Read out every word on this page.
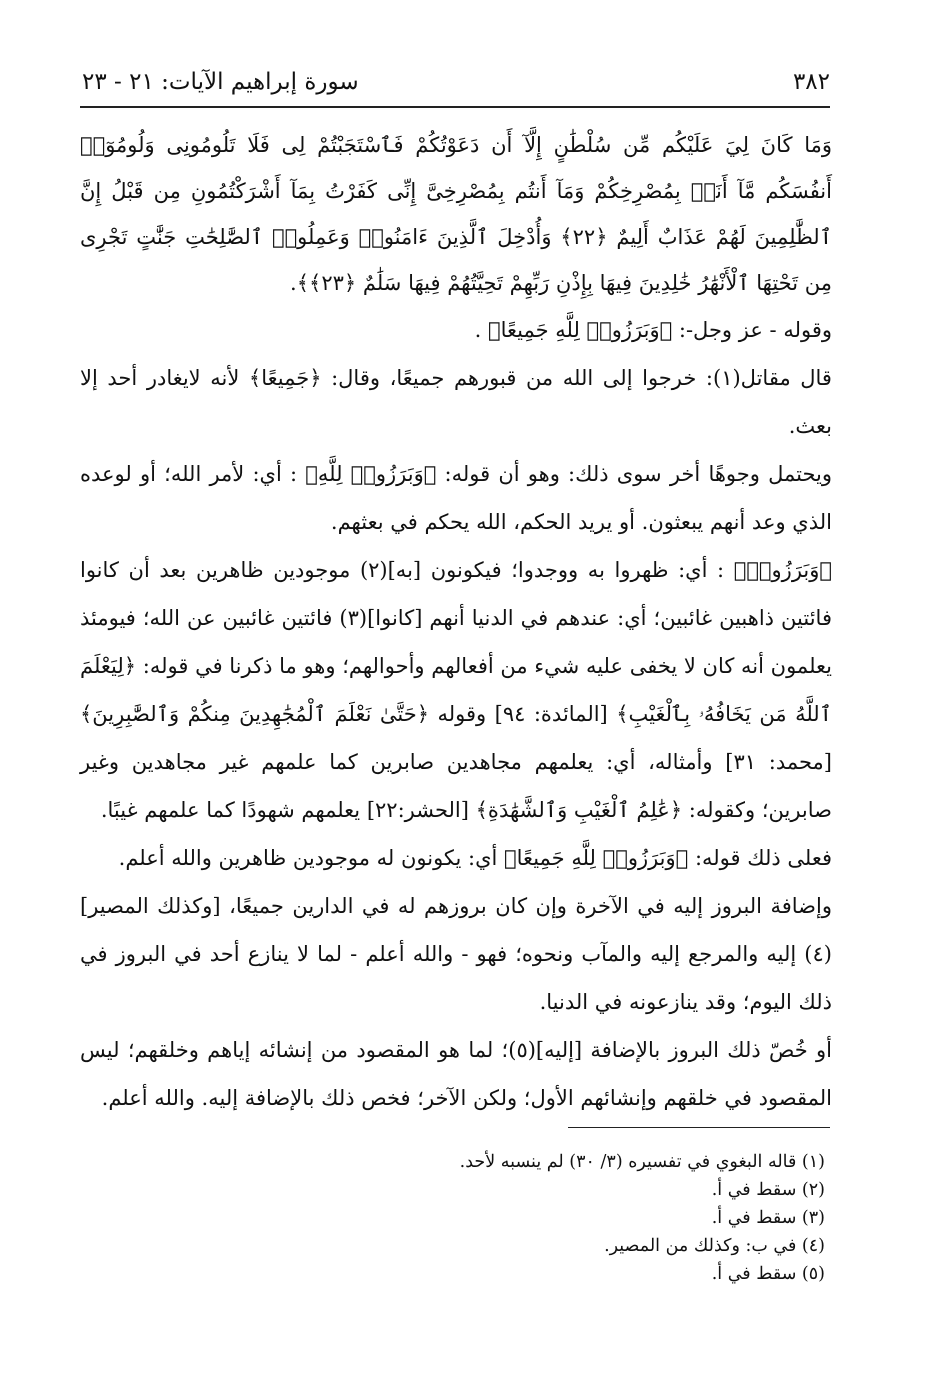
٣٨٢
سورة إبراهيم الآيات: ٢١ - ٢٣

وَمَا كَانَ لِيَ عَلَيْكُم مِّن سُلْطَٰنٍ إِلَّآ أَن دَعَوْتُكُمْ فَٱسْتَجَبْتُمْ لِى فَلَا تَلُومُونِى وَلُومُوٓا۟ أَنفُسَكُم مَّآ أَنَا۠ بِمُصْرِخِكُمْ وَمَآ أَنتُم بِمُصْرِخِىَّ إِنِّى كَفَرْتُ بِمَآ أَشْرَكْتُمُونِ مِن قَبْلُ إِنَّ ٱلظَّٰلِمِينَ لَهُمْ عَذَابٌ أَلِيمٌ ﴿٢٢﴾ وَأُدْخِلَ ٱلَّذِينَ ءَامَنُوا۟ وَعَمِلُوا۟ ٱلصَّٰلِحَٰتِ جَنَّٰتٍ تَجْرِى مِن تَحْتِهَا ٱلْأَنْهَٰرُ خَٰلِدِينَ فِيهَا بِإِذْنِ رَبِّهِمْ تَحِيَّتُهُمْ فِيهَا سَلَٰمٌ ﴿٢٣﴾﴾.

وقوله - عز وجل-: ﴿وَبَرَزُوا۟ لِلَّهِ جَمِيعًا﴾ .

قال مقاتل(١): خرجوا إلى الله من قبورهم جميعًا، وقال: ﴿جَمِيعًا﴾ لأنه لايغادر أحد إلا بعث.

ويحتمل وجوهًا أخر سوى ذلك: وهو أن قوله: ﴿وَبَرَزُوا۟ لِلَّهِ﴾ : أي: لأمر الله؛ أو لوعده الذي وعد أنهم يبعثون. أو يريد الحكم، الله يحكم في بعثهم.

﴿وَبَرَزُوا۟﴾ : أي: ظهروا به ووجدوا؛ فيكونون [به](٢) موجودين ظاهرين بعد أن كانوا فائتين ذاهبين غائبين؛ أي: عندهم في الدنيا أنهم [كانوا](٣) فائتين غائبين عن الله؛ فيومئذ يعلمون أنه كان لا يخفى عليه شيء من أفعالهم وأحوالهم؛ وهو ما ذكرنا في قوله: ﴿لِيَعْلَمَ ٱللَّهُ مَن يَخَافُهُۥ بِٱلْغَيْبِ﴾ [المائدة: ٩٤] وقوله ﴿حَتَّىٰ نَعْلَمَ ٱلْمُجَٰهِدِينَ مِنكُمْ وَٱلصَّٰبِرِينَ﴾ [محمد: ٣١] وأمثاله، أي: يعلمهم مجاهدين صابرين كما علمهم غير مجاهدين وغير صابرين؛ وكقوله: ﴿عَٰلِمُ ٱلْغَيْبِ وَٱلشَّهَٰدَةِ﴾ [الحشر:٢٢] يعلمهم شهودًا كما علمهم غيبًا.

فعلى ذلك قوله: ﴿وَبَرَزُوا۟ لِلَّهِ جَمِيعًا﴾ أي: يكونون له موجودين ظاهرين والله أعلم.

وإضافة البروز إليه في الآخرة وإن كان بروزهم له في الدارين جميعًا، [وكذلك المصير](٤) إليه والمرجع إليه والمآب ونحوه؛ فهو - والله أعلم - لما لا ينازع أحد في البروز في ذلك اليوم؛ وقد ينازعونه في الدنيا.

أو خُصّ ذلك البروز بالإضافة [إليه](٥)؛ لما هو المقصود من إنشائه إياهم وخلقهم؛ ليس المقصود في خلقهم وإنشائهم الأول؛ ولكن الآخر؛ فخص ذلك بالإضافة إليه. والله أعلم.

(١) قاله البغوي في تفسيره (٣/ ٣٠) لم ينسبه لأحد.
(٢) سقط في أ.
(٣) سقط في أ.
(٤) في ب: وكذلك من المصير.
(٥) سقط في أ.
